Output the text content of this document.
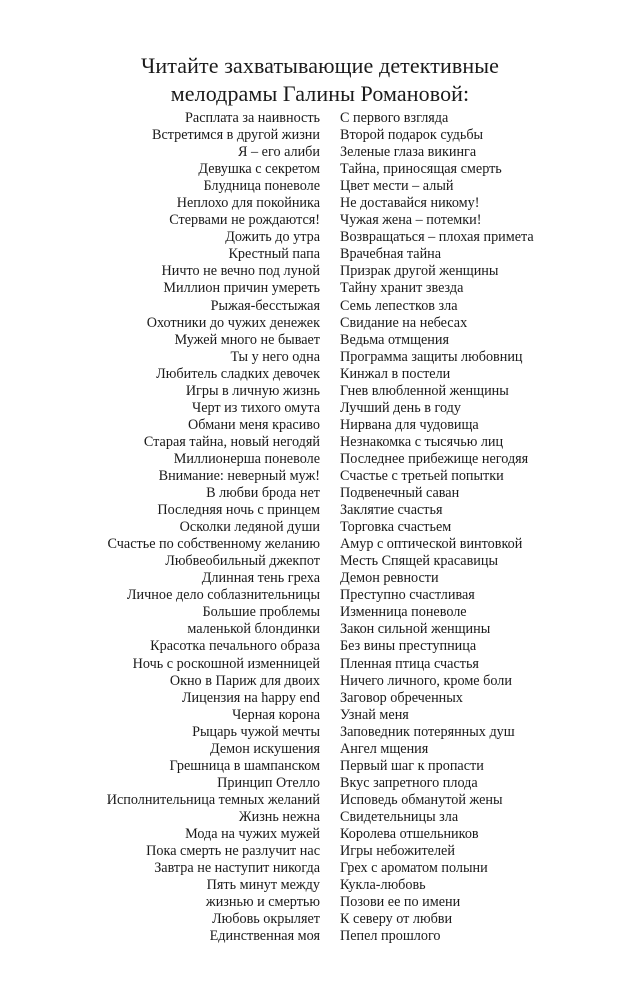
Читайте захватывающие детективные
мелодрамы Галины Романовой:
Расплата за наивность
Встретимся в другой жизни
Я – его алиби
Девушка с секретом
Блудница поневоле
Неплохо для покойника
Стервами не рождаются!
Дожить до утра
Крестный папа
Ничто не вечно под луной
Миллион причин умереть
Рыжая-бесстыжая
Охотники до чужих денежек
Мужей много не бывает
Ты у него одна
Любитель сладких девочек
Игры в личную жизнь
Черт из тихого омута
Обмани меня красиво
Старая тайна, новый негодяй
Миллионерша поневоле
Внимание: неверный муж!
В любви брода нет
Последняя ночь с принцем
Осколки ледяной души
Счастье по собственному желанию
Любвеобильный джекпот
Длинная тень греха
Личное дело соблазнительницы
Большие проблемы
маленькой блондинки
Красотка печального образа
Ночь с роскошной изменницей
Окно в Париж для двоих
Лицензия на happy end
Черная корона
Рыцарь чужой мечты
Демон искушения
Грешница в шампанском
Принцип Отелло
Исполнительница темных желаний
Жизнь нежна
Мода на чужих мужей
Пока смерть не разлучит нас
Завтра не наступит никогда
Пять минут между
жизнью и смертью
Любовь окрыляет
Единственная моя
С первого взгляда
Второй подарок судьбы
Зеленые глаза викинга
Тайна, приносящая смерть
Цвет мести – алый
Не доставайся никому!
Чужая жена – потемки!
Возвращаться – плохая примета
Врачебная тайна
Призрак другой женщины
Тайну хранит звезда
Семь лепестков зла
Свидание на небесах
Ведьма отмщения
Программа защиты любовниц
Кинжал в постели
Гнев влюбленной женщины
Лучший день в году
Нирвана для чудовища
Незнакомка с тысячью лиц
Последнее прибежище негодяя
Счастье с третьей попытки
Подвенечный саван
Заклятие счастья
Торговка счастьем
Амур с оптической винтовкой
Месть Спящей красавицы
Демон ревности
Преступно счастливая
Изменница поневоле
Закон сильной женщины
Без вины преступница
Пленная птица счастья
Ничего личного, кроме боли
Заговор обреченных
Узнай меня
Заповедник потерянных душ
Ангел мщения
Первый шаг к пропасти
Вкус запретного плода
Исповедь обманутой жены
Свидетельницы зла
Королева отшельников
Игры небожителей
Грех с ароматом полыни
Кукла-любовь
Позови ее по имени
К северу от любви
Пепел прошлого
